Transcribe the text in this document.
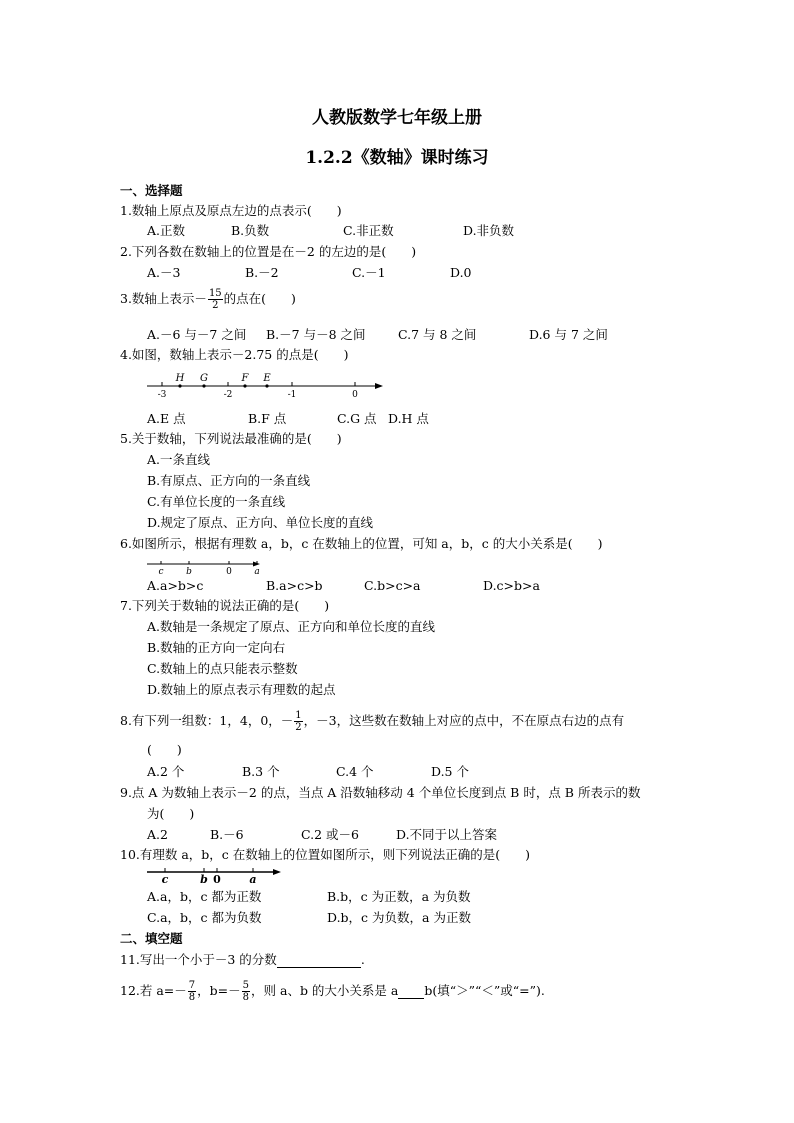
人教版数学七年级上册
1.2.2《数轴》课时练习
一、选择题
1.数轴上原点及原点左边的点表示(　　)
A.正数	B.负数	C.非正数	D.非负数
2.下列各数在数轴上的位置是在－2 的左边的是(　　)
A.－3	B.－2	C.－1	D.0
3.数轴上表示－ $\frac{15}{2}$ 的点在(　　)
A.－6 与－7 之间 B.－7 与－8 之间	C.7 与 8 之间	D.6 与 7 之间
4.如图，数轴上表示－2.75 的点是(　　)
H G	F E
-3	-2	-1	0
A.E 点	B.F 点	C.G 点 D.H 点
5.关于数轴，下列说法最准确的是(　　)
A.一条直线
B.有原点、正方向的一条直线
C.有单位长度的一条直线
D.规定了原点、正方向、单位长度的直线
6.如图所示，根据有理数 a，b，c 在数轴上的位置，可知 a，b，c 的大小关系是(　　)
c	b	0 a
A.a>b>c	B.a>c>b	C.b>c>a	D.c>b>a
7.下列关于数轴的说法正确的是(　　)
A.数轴是一条规定了原点、正方向和单位长度的直线
B.数轴的正方向一定向右
C.数轴上的点只能表示整数
D.数轴上的原点表示有理数的起点
8.有下列一组数：1，4，0，－ $\frac{1}{2}$ ，－3，这些数在数轴上对应的点中，不在原点右边的点有
(　　)
A.2 个	B.3 个	C.4 个	D.5 个
9.点 A 为数轴上表示－2 的点，当点 A 沿数轴移动 4 个单位长度到点 B 时，点 B 所表示的数
为(　　)
A.2	B.－6	C.2 或－6	D.不同于以上答案
10.有理数 a，b，c 在数轴上的位置如图所示，则下列说法正确的是(　　)
c	b 0	a
A.a，b，c 都为正数	B.b，c 为正数，a 为负数
C.a，b，c 都为负数	D.b，c 为负数，a 为正数
二、填空题
11.写出一个小于－3 的分数	.
12.若 $a=- \frac{7}{8}$ ，$b=- \frac{5}{8}$ ，则 a、b 的大小关系是 a b(填“＞”“＜”或“=”).
